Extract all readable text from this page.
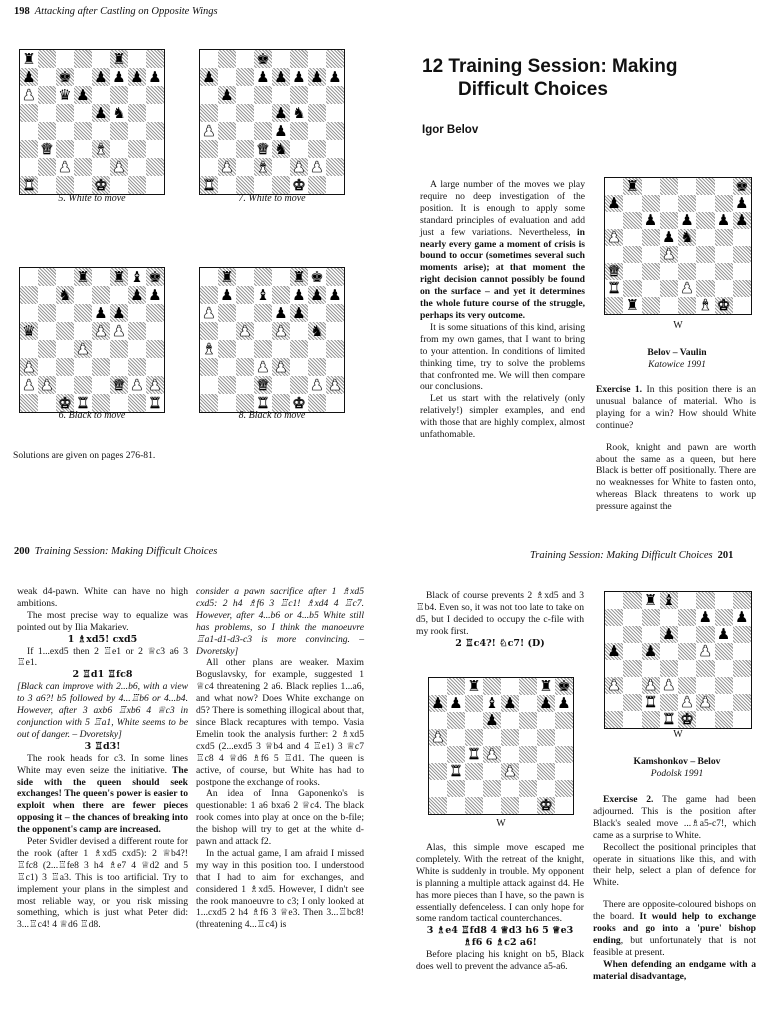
198 Attacking after Castling on Opposite Wings
♜	♜
♟ ♚ ♟ ♟ ♟ ♟
♟ ♛ ♟
♟ ♞
♛	♝
♟	♟
♜	♚
5. White to move
♚
♟	♟ ♟ ♟ ♟ ♟
♟
♟ ♞
♟	♟
♛ ♞
♟ ♝ ♟ ♟
♜	♚
7. White to move
♜ ♜ ♝ ♚
♞	♟ ♟
♟ ♟
♛	♟ ♟
♟
♟
♟ ♟	♛ ♟ ♟
♚ ♜	♜
6. Black to move
♜	♜ ♚
♟ ♝ ♟ ♟ ♟
♟	♟ ♟
♟ ♟ ♞
♝
♟ ♟
♛	♟ ♟
♜ ♚
8. Black to move
Solutions are given on pages 276-81.
12 Training Session: Making
Difficult Choices
Igor Belov

A large number of the moves we play require no deep investigation of the position. It is enough to apply some standard principles of evaluation and add just a few variations. Nevertheless, in nearly every game a moment of crisis is bound to occur (sometimes several such moments arise); at that moment the right decision cannot possibly be found on the surface – and yet it determines the whole future course of the struggle, perhaps its very outcome.

It is some situations of this kind, arising from my own games, that I want to bring to your attention. In conditions of limited thinking time, try to solve the problems that confronted me. We will then compare our conclusions.

Let us start with the relatively (only relatively!) simpler examples, and end with those that are highly complex, almost unfathomable.

♜	♚
♟	♟
♟ ♟ ♟ ♟
♟	♟ ♞
♟
♛
♜	♟
♜	♝ ♚
W
Belov – Vaulin
Katowice 1991

Exercise 1. In this position there is an unusual balance of material. Who is playing for a win? How should White continue?

Rook, knight and pawn are worth about the same as a queen, but here Black is better off positionally. There are no weaknesses for White to fasten onto, whereas Black threatens to work up pressure against the

200 Training Session: Making Difficult Choices

weak d4-pawn. White can have no high ambitions.

The most precise way to equalize was pointed out by Ilia Makariev.

1 ♗xd5! cxd5

If 1...exd5 then 2 ♖e1 or 2 ♕c3 a6 3 ♖e1.

2 ♖d1 ♖fc8

[Black can improve with 2...b6, with a view to 3 a6?! b5 followed by 4...♖b6 or 4...b4. However, after 3 axb6 ♖xb6 4 ♕c3 in conjunction with 5 ♖a1, White seems to be out of danger. – Dvoretsky]

3 ♖d3!

The rook heads for c3. In some lines White may even seize the initiative. The side with the queen should seek exchanges! The queen's power is easier to exploit when there are fewer pieces opposing it – the chances of breaking into the opponent's camp are increased.

Peter Svidler devised a different route for the rook (after 1 ♗xd5 cxd5): 2 ♕b4?! ♖fc8 (2...♖fe8 3 h4 ♗e7 4 ♕d2 and 5 ♖c1) 3 ♖a3. This is too artificial. Try to implement your plans in the simplest and most reliable way, or you risk missing something, which is just what Peter did: 3...♖c4! 4 ♕d6 ♖d8.

consider a pawn sacrifice after 1 ♗xd5 cxd5: 2 h4 ♗f6 3 ♖c1! ♗xd4 4 ♖c7. However, after 4...b6 or 4...b5 White still has problems, so I think the manoeuvre ♖a1-d1-d3-c3 is more convincing. – Dvoretsky]

All other plans are weaker. Maxim Boguslavsky, for example, suggested 1 ♕c4 threatening 2 a6. Black replies 1...a6, and what now? Does White exchange on d5? There is something illogical about that, since Black recaptures with tempo. Vasia Emelin took the analysis further: 2 ♗xd5 cxd5 (2...exd5 3 ♕b4 and 4 ♖e1) 3 ♕c7 ♖c8 4 ♕d6 ♗f6 5 ♖d1. The queen is active, of course, but White has had to postpone the exchange of rooks.

An idea of Inna Gaponenko's is questionable: 1 a6 bxa6 2 ♕c4. The black rook comes into play at once on the b-file; the bishop will try to get at the white d-pawn and attack f2.

In the actual game, I am afraid I missed my way in this position too. I understood that I had to aim for exchanges, and considered 1 ♗xd5. However, I didn't see the rook manoeuvre to c3; I only looked at 1...cxd5 2 h4 ♗f6 3 ♕e3. Then 3...♖bc8! (threatening 4...♖c4) is

Training Session: Making Difficult Choices 201

Black of course prevents 2 ♗xd5 and 3 ♖b4. Even so, it was not too late to take on d5, but I decided to occupy the c-file with my rook first.

2 ♖c4?! ♘c7! (D)

♜	♜ ♚
♟ ♟ ♝ ♟ ♟ ♟
♟
♟
♜ ♟
♜	♟
♚
W

Alas, this simple move escaped me completely. With the retreat of the knight, White is suddenly in trouble. My opponent is planning a multiple attack against d4. He has more pieces than I have, so the pawn is essentially defenceless. I can only hope for some random tactical counterchances.

3 ♗e4 ♖fd8 4 ♕d3 h6 5 ♕e3 ♗f6 6 ♗c2 a6!

Before placing his knight on b5, Black does well to prevent the advance a5-a6.

♜ ♝
♟ ♟
♟	♟
♟ ♟	♟
♟ ♟ ♟
♜ ♟ ♟
♜ ♚
W
Kamshonkov – Belov
Podolsk 1991

Exercise 2. The game had been adjourned. This is the position after Black's sealed move ...♗a5-c7!, which came as a surprise to White.

Recollect the positional principles that operate in situations like this, and with their help, select a plan of defence for White.

There are opposite-coloured bishops on the board. It would help to exchange rooks and go into a 'pure' bishop ending, but unfortunately that is not feasible at present.

When defending an endgame with a material disadvantage,
